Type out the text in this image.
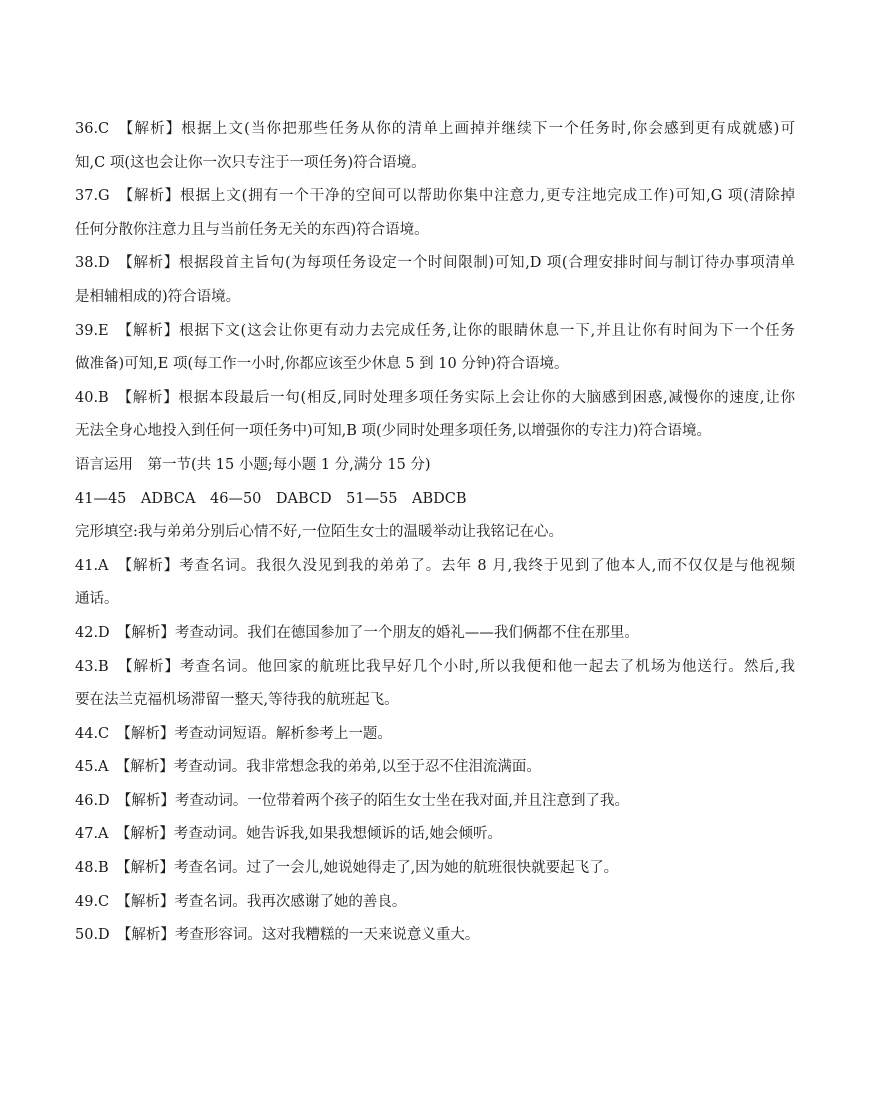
36.C　【解析】根据上文(当你把那些任务从你的清单上画掉并继续下一个任务时,你会感到更有成就感)可
知,C 项(这也会让你一次只专注于一项任务)符合语境。
37.G　【解析】根据上文(拥有一个干净的空间可以帮助你集中注意力,更专注地完成工作)可知,G 项(清除掉
任何分散你注意力且与当前任务无关的东西)符合语境。
38.D　【解析】根据段首主旨句(为每项任务设定一个时间限制)可知,D 项(合理安排时间与制订待办事项清单
是相辅相成的)符合语境。
39.E　【解析】根据下文(这会让你更有动力去完成任务,让你的眼睛休息一下,并且让你有时间为下一个任务
做准备)可知,E 项(每工作一小时,你都应该至少休息 5 到 10 分钟)符合语境。
40.B　【解析】根据本段最后一句(相反,同时处理多项任务实际上会让你的大脑感到困惑,减慢你的速度,让你
无法全身心地投入到任何一项任务中)可知,B 项(少同时处理多项任务,以增强你的专注力)符合语境。
语言运用　第一节(共 15 小题;每小题 1 分,满分 15 分)
41—45　ADBCA　46—50　DABCD　51—55　ABDCB
完形填空:我与弟弟分别后心情不好,一位陌生女士的温暖举动让我铭记在心。
41.A　【解析】考查名词。我很久没见到我的弟弟了。去年 8 月,我终于见到了他本人,而不仅仅是与他视频
通话。
42.D　【解析】考查动词。我们在德国参加了一个朋友的婚礼——我们俩都不住在那里。
43.B　【解析】考查名词。他回家的航班比我早好几个小时,所以我便和他一起去了机场为他送行。然后,我
要在法兰克福机场滞留一整天,等待我的航班起飞。
44.C　【解析】考查动词短语。解析参考上一题。
45.A　【解析】考查动词。我非常想念我的弟弟,以至于忍不住泪流满面。
46.D　【解析】考查动词。一位带着两个孩子的陌生女士坐在我对面,并且注意到了我。
47.A　【解析】考查动词。她告诉我,如果我想倾诉的话,她会倾听。
48.B　【解析】考查名词。过了一会儿,她说她得走了,因为她的航班很快就要起飞了。
49.C　【解析】考查名词。我再次感谢了她的善良。
50.D　【解析】考查形容词。这对我糟糕的一天来说意义重大。
